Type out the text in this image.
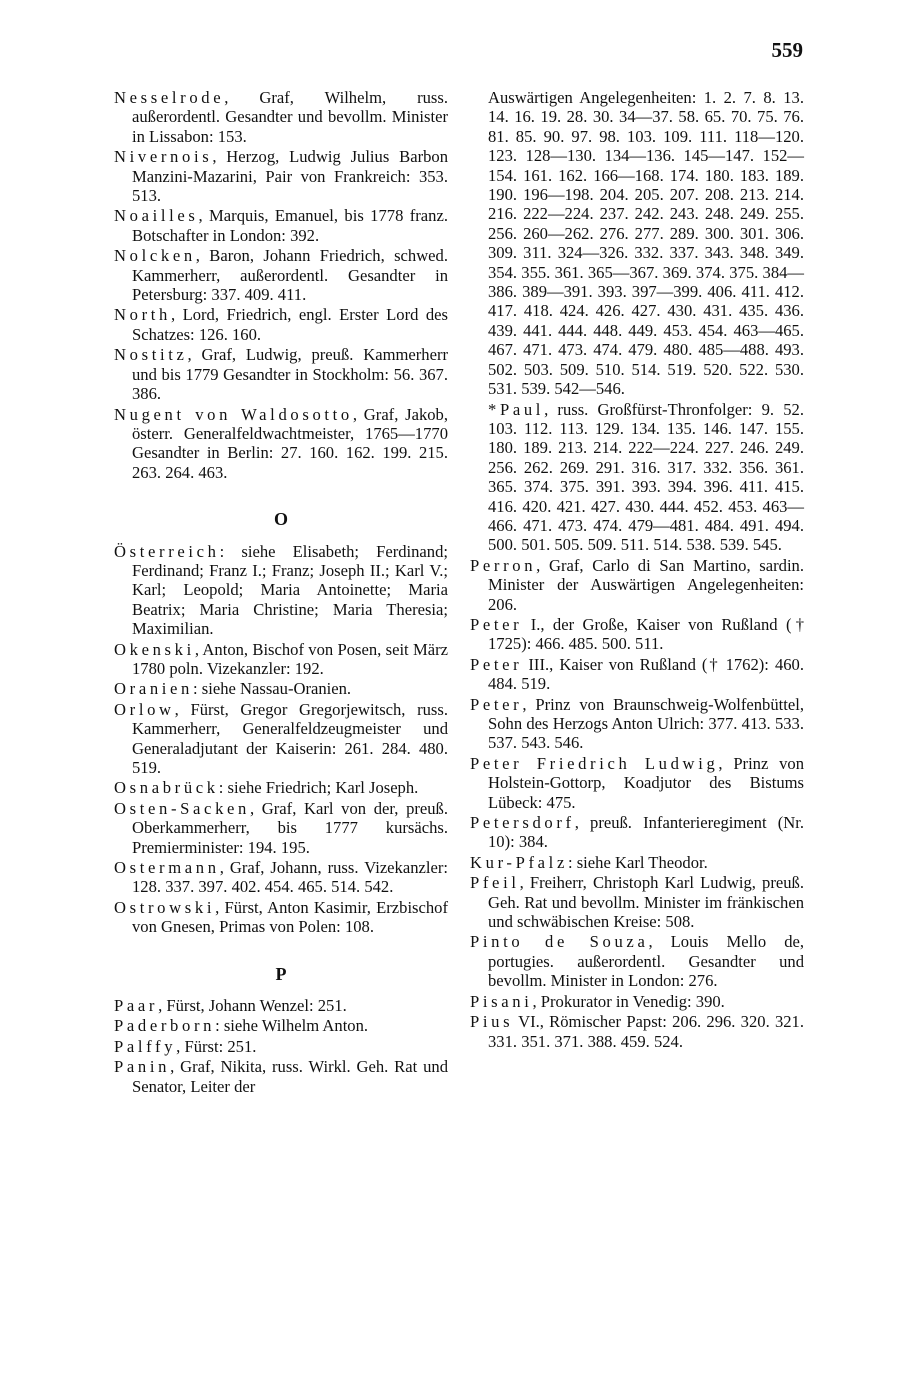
559

Nesselrode, Graf, Wilhelm, russ. außerordentl. Gesandter und bevollm. Minister in Lissabon: 153.

Nivernois, Herzog, Ludwig Julius Barbon Manzini-Mazarini, Pair von Frankreich: 353. 513.

Noailles, Marquis, Emanuel, bis 1778 franz. Botschafter in London: 392.

Nolcken, Baron, Johann Friedrich, schwed. Kammerherr, außerordentl. Gesandter in Petersburg: 337. 409. 411.

North, Lord, Friedrich, engl. Erster Lord des Schatzes: 126. 160.

Nostitz, Graf, Ludwig, preuß. Kammerherr und bis 1779 Gesandter in Stockholm: 56. 367. 386.

Nugent von Waldosotto, Graf, Jakob, österr. Generalfeldwachtmeister, 1765—1770 Gesandter in Berlin: 27. 160. 162. 199. 215. 263. 264. 463.

O

Österreich: siehe Elisabeth; Ferdinand; Ferdinand; Franz I.; Franz; Joseph II.; Karl V.; Karl; Leopold; Maria Antoinette; Maria Beatrix; Maria Christine; Maria Theresia; Maximilian.

Okenski, Anton, Bischof von Posen, seit März 1780 poln. Vizekanzler: 192.

Oranien: siehe Nassau-Oranien.

Orlow, Fürst, Gregor Gregorjewitsch, russ. Kammerherr, Generalfeldzeugmeister und Generaladjutant der Kaiserin: 261. 284. 480. 519.

Osnabrück: siehe Friedrich; Karl Joseph.

Osten-Sacken, Graf, Karl von der, preuß. Oberkammerherr, bis 1777 kursächs. Premierminister: 194. 195.

Ostermann, Graf, Johann, russ. Vizekanzler: 128. 337. 397. 402. 454. 465. 514. 542.

Ostrowski, Fürst, Anton Kasimir, Erzbischof von Gnesen, Primas von Polen: 108.

P

Paar, Fürst, Johann Wenzel: 251.

Paderborn: siehe Wilhelm Anton.

Palffy, Fürst: 251.

Panin, Graf, Nikita, russ. Wirkl. Geh. Rat und Senator, Leiter der

Auswärtigen Angelegenheiten: 1. 2. 7. 8. 13. 14. 16. 19. 28. 30. 34—37. 58. 65. 70. 75. 76. 81. 85. 90. 97. 98. 103. 109. 111. 118—120. 123. 128—130. 134—136. 145—147. 152—154. 161. 162. 166—168. 174. 180. 183. 189. 190. 196—198. 204. 205. 207. 208. 213. 214. 216. 222—224. 237. 242. 243. 248. 249. 255. 256. 260—262. 276. 277. 289. 300. 301. 306. 309. 311. 324—326. 332. 337. 343. 348. 349. 354. 355. 361. 365—367. 369. 374. 375. 384—386. 389—391. 393. 397—399. 406. 411. 412. 417. 418. 424. 426. 427. 430. 431. 435. 436. 439. 441. 444. 448. 449. 453. 454. 463—465. 467. 471. 473. 474. 479. 480. 485—488. 493. 502. 503. 509. 510. 514. 519. 520. 522. 530. 531. 539. 542—546.

*Paul, russ. Großfürst-Thronfolger: 9. 52. 103. 112. 113. 129. 134. 135. 146. 147. 155. 180. 189. 213. 214. 222—224. 227. 246. 249. 256. 262. 269. 291. 316. 317. 332. 356. 361. 365. 374. 375. 391. 393. 394. 396. 411. 415. 416. 420. 421. 427. 430. 444. 452. 453. 463—466. 471. 473. 474. 479—481. 484. 491. 494. 500. 501. 505. 509. 511. 514. 538. 539. 545.

Perron, Graf, Carlo di San Martino, sardin. Minister der Auswärtigen Angelegenheiten: 206.

Peter I., der Große, Kaiser von Rußland († 1725): 466. 485. 500. 511.

Peter III., Kaiser von Rußland († 1762): 460. 484. 519.

Peter, Prinz von Braunschweig-Wolfenbüttel, Sohn des Herzogs Anton Ulrich: 377. 413. 533. 537. 543. 546.

Peter Friedrich Ludwig, Prinz von Holstein-Gottorp, Koadjutor des Bistums Lübeck: 475.

Petersdorf, preuß. Infanterieregiment (Nr. 10): 384.

Kur-Pfalz: siehe Karl Theodor.

Pfeil, Freiherr, Christoph Karl Ludwig, preuß. Geh. Rat und bevollm. Minister im fränkischen und schwäbischen Kreise: 508.

Pinto de Souza, Louis Mello de, portugies. außerordentl. Gesandter und bevollm. Minister in London: 276.

Pisani, Prokurator in Venedig: 390.

Pius VI., Römischer Papst: 206. 296. 320. 321. 331. 351. 371. 388. 459. 524.
